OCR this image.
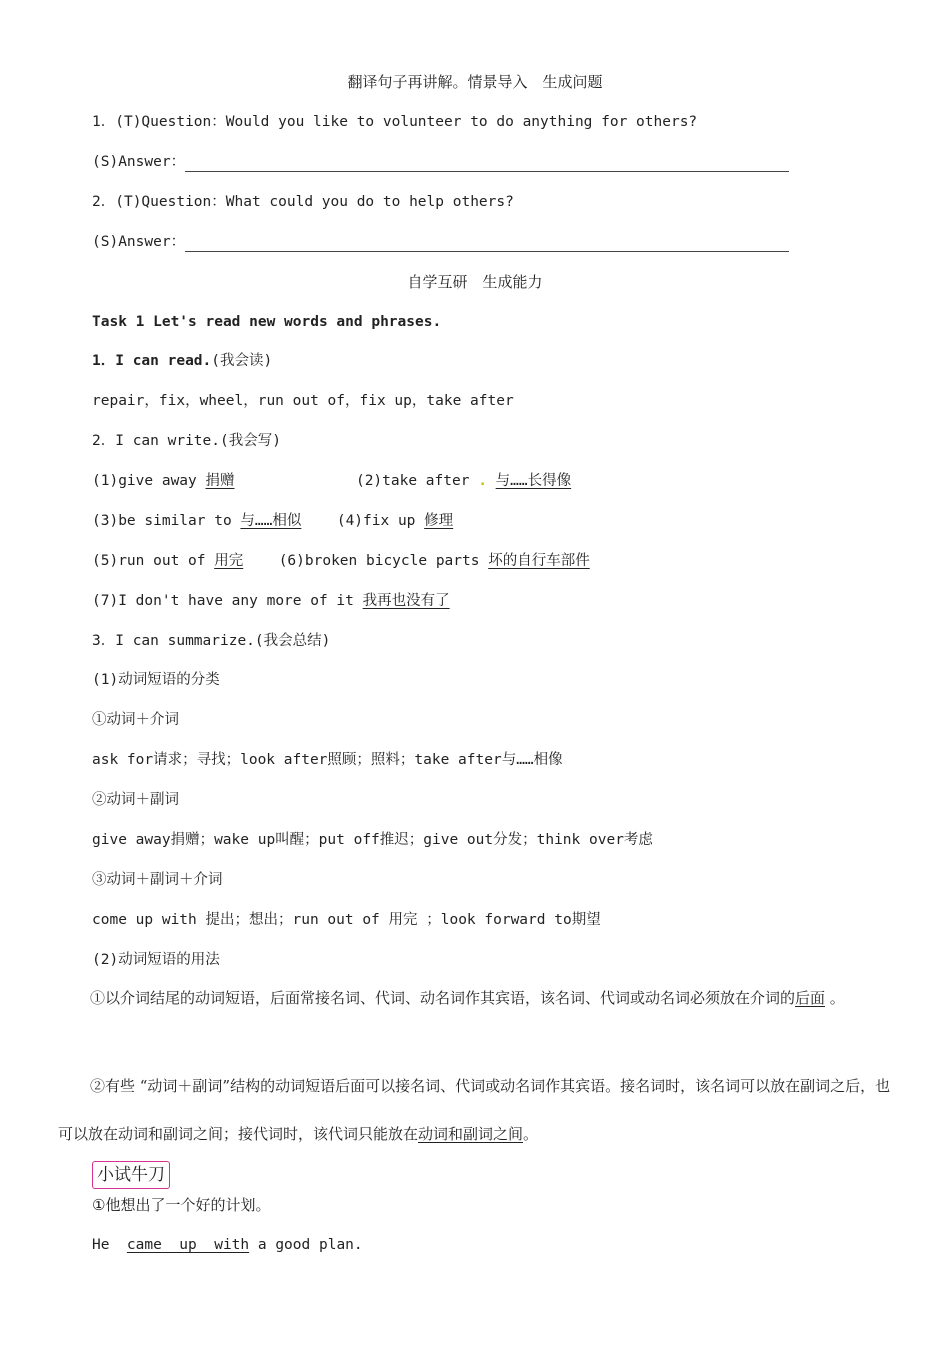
翻译句子再讲解。情景导入　生成问题
1．(T)Question：Would you like to volunteer to do anything for others?
(S)Answer：
2．(T)Question：What could you do to help others?
(S)Answer：
自学互研　生成能力
Task 1 Let's read new words and phrases.
1．I can read.(我会读)
repair，fix，wheel，run out of，fix up，take after
2．I can write.(我会写)
(1)give away 捐赠	(2)take after . 与……长得像
(3)be similar to 与……相似 (4)fix up 修理
(5)run out of 用完 (6)broken bicycle parts 坏的自行车部件
(7)I don't have any more of it 我再也没有了
3．I can summarize.(我会总结)
(1)动词短语的分类
①动词＋介词
ask for请求；寻找；look after照顾；照料；take after与……相像
②动词＋副词
give away捐赠；wake up叫醒；put off推迟；give out分发；think over考虑
③动词＋副词＋介词
come up with 提出；想出；run out of 用完 ；look forward to期望
(2)动词短语的用法
①以介词结尾的动词短语，后面常接名词、代词、动名词作其宾语，该名词、代词或动名词必须放在介词的后面 。
②有些 “动词＋副词”结构的动词短语后面可以接名词、代词或动名词作其宾语。接名词时，该名词可以放在副词之后，也可以放在动词和副词之间；接代词时，该代词只能放在动词和副词之间。
小试牛刀
①他想出了一个好的计划。
He  came  up  with a good plan.
